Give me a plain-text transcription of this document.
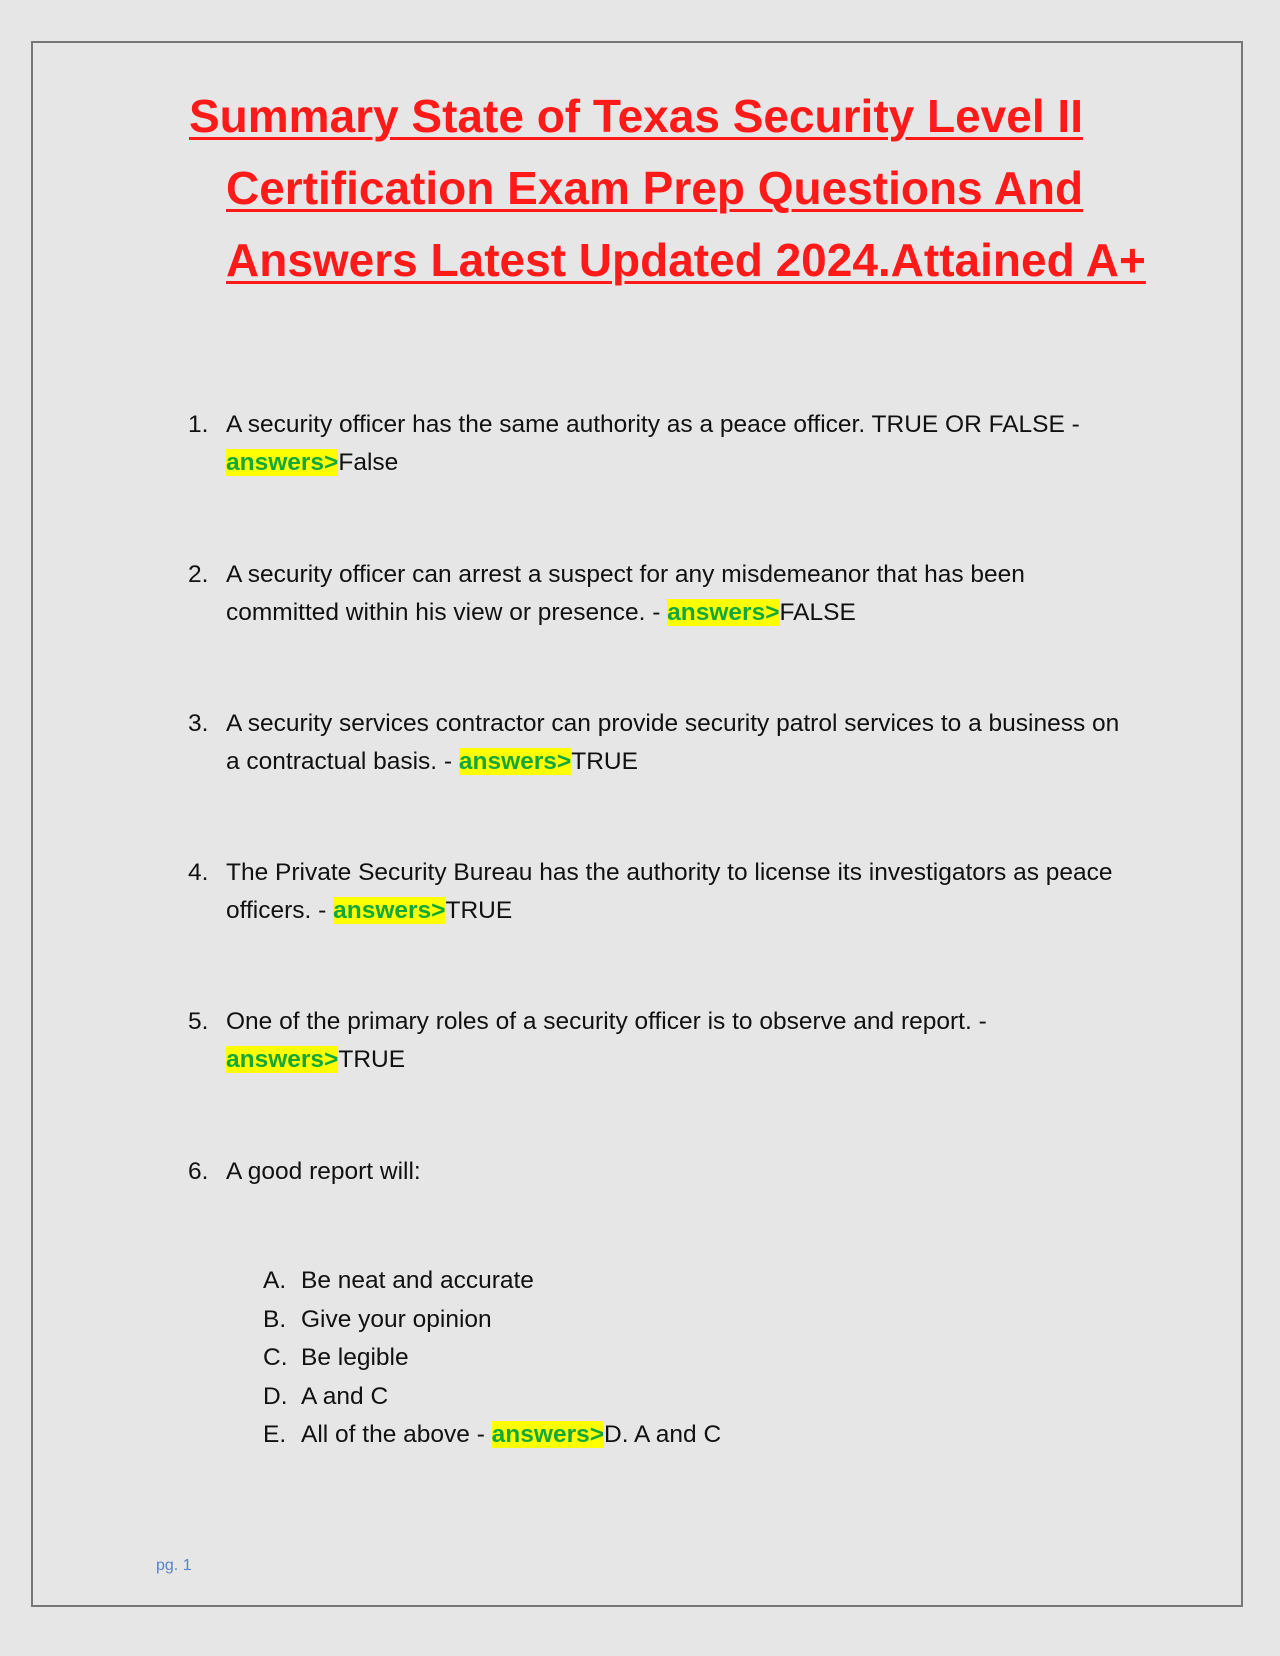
Summary State of Texas Security Level II Certification Exam Prep Questions And Answers Latest Updated 2024.Attained A+
1. A security officer has the same authority as a peace officer. TRUE OR FALSE - answers>False
2. A security officer can arrest a suspect for any misdemeanor that has been committed within his view or presence. - answers>FALSE
3. A security services contractor can provide security patrol services to a business on a contractual basis. - answers>TRUE
4. The Private Security Bureau has the authority to license its investigators as peace officers. - answers>TRUE
5. One of the primary roles of a security officer is to observe and report. - answers>TRUE
6. A good report will:
A. Be neat and accurate
B. Give your opinion
C. Be legible
D. A and C
E. All of the above - answers>D. A and C
pg. 1
